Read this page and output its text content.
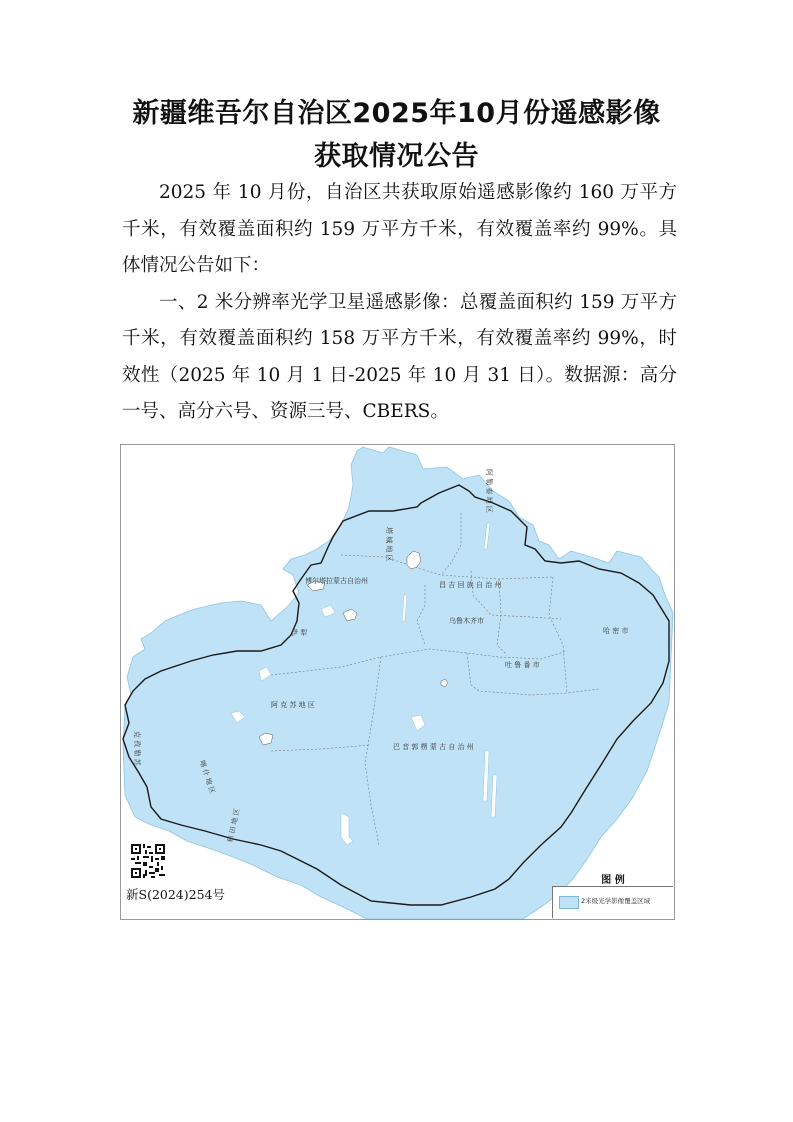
新疆维吾尔自治区2025年10月份遥感影像
获取情况公告

2025 年 10 月份，自治区共获取原始遥感影像约 160 万平方千米，有效覆盖面积约 159 万平方千米，有效覆盖率约 99%。具体情况公告如下：

一、2 米分辨率光学卫星遥感影像：总覆盖面积约 159 万平方千米，有效覆盖面积约 158 万平方千米，有效覆盖率约 99%，时效性（2025 年 10 月 1 日-2025 年 10 月 31 日）。数据源：高分一号、高分六号、资源三号、CBERS。

巴 音 郭 楞 蒙 古 自 治 州
克 孜 勒 苏
阿 克 苏 地 区
和 田 地 区
喀 什 地 区
哈 密 市
吐 鲁 番 市
昌 吉 回 族 自 治 州
乌鲁木齐市
伊 犁
塔 城 地 区
阿 勒 泰 地 区
博尔塔拉蒙古自治州
新S(2024)254号
图 例
2米级光学影像覆盖区域
